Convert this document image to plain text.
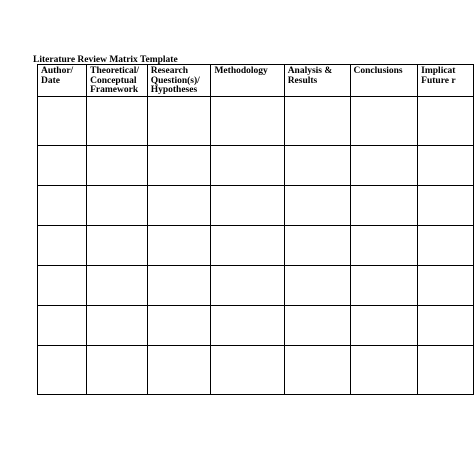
Literature Review Matrix Template
Author/
Date	Theoretical/
Conceptual
Framework	Research
Question(s)/
Hypotheses	Methodology	Analysis &
Results	Conclusions	Implicat
Future r
